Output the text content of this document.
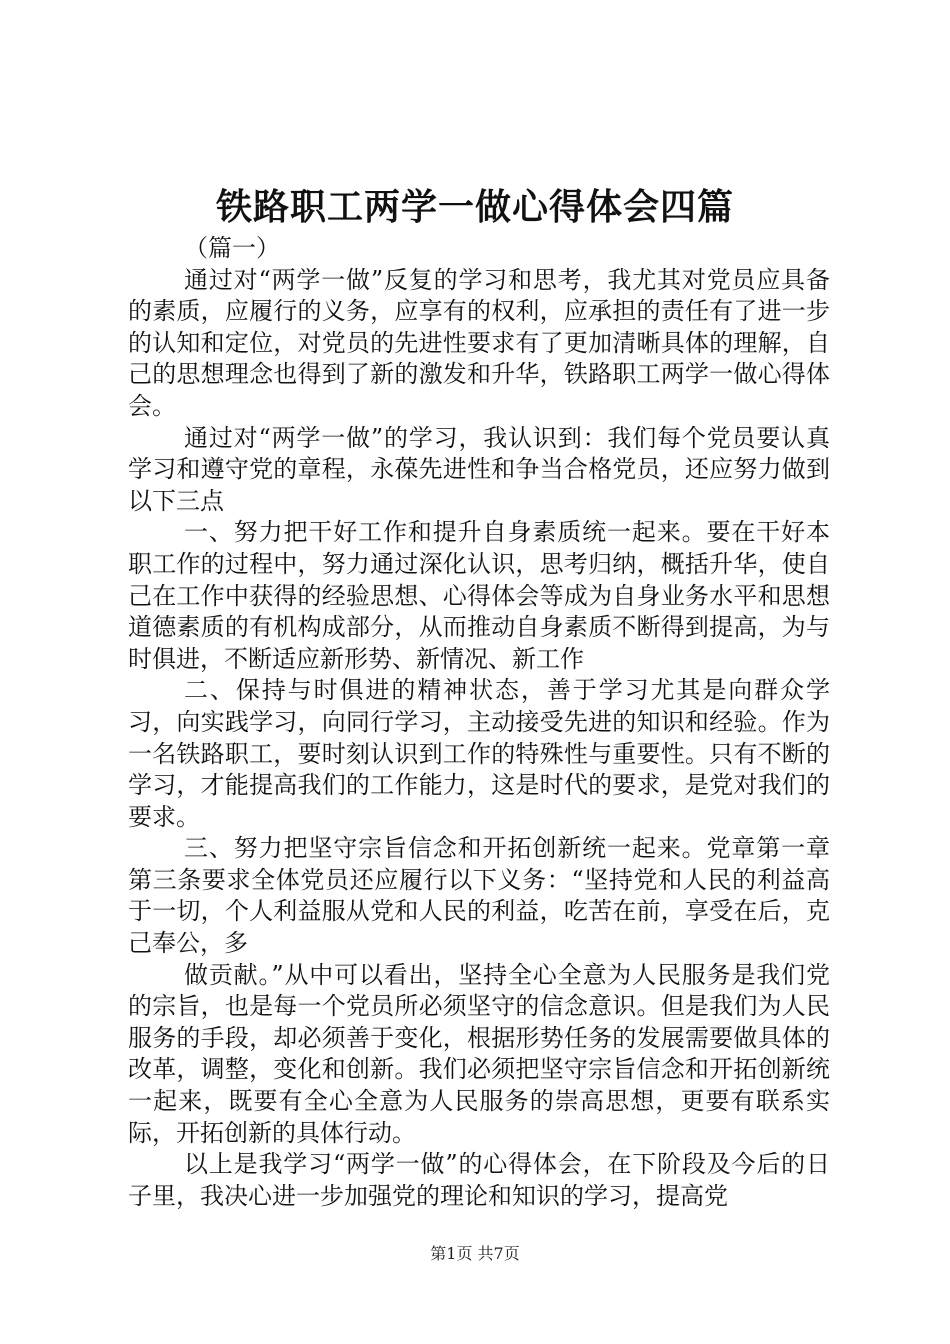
铁路职工两学一做心得体会四篇

（篇一）

通过对“两学一做”反复的学习和思考，我尤其对党员应具备的素质，应履行的义务，应享有的权利，应承担的责任有了进一步的认知和定位，对党员的先进性要求有了更加清晰具体的理解，自己的思想理念也得到了新的激发和升华，铁路职工两学一做心得体会。

通过对“两学一做”的学习，我认识到：我们每个党员要认真学习和遵守党的章程，永葆先进性和争当合格党员，还应努力做到以下三点

一、努力把干好工作和提升自身素质统一起来。要在干好本职工作的过程中，努力通过深化认识，思考归纳，概括升华，使自己在工作中获得的经验思想、心得体会等成为自身业务水平和思想道德素质的有机构成部分，从而推动自身素质不断得到提高，为与时俱进，不断适应新形势、新情况、新工作

二、保持与时俱进的精神状态，善于学习尤其是向群众学习，向实践学习，向同行学习，主动接受先进的知识和经验。作为一名铁路职工，要时刻认识到工作的特殊性与重要性。只有不断的学习，才能提高我们的工作能力，这是时代的要求，是党对我们的要求。

三、努力把坚守宗旨信念和开拓创新统一起来。党章第一章第三条要求全体党员还应履行以下义务：“坚持党和人民的利益高于一切，个人利益服从党和人民的利益，吃苦在前，享受在后，克己奉公，多

做贡献。”从中可以看出，坚持全心全意为人民服务是我们党的宗旨，也是每一个党员所必须坚守的信念意识。但是我们为人民服务的手段，却必须善于变化，根据形势任务的发展需要做具体的改革，调整，变化和创新。我们必须把坚守宗旨信念和开拓创新统一起来，既要有全心全意为人民服务的崇高思想，更要有联系实际，开拓创新的具体行动。

以上是我学习“两学一做”的心得体会，在下阶段及今后的日子里，我决心进一步加强党的理论和知识的学习，提高党

第1页 共7页
